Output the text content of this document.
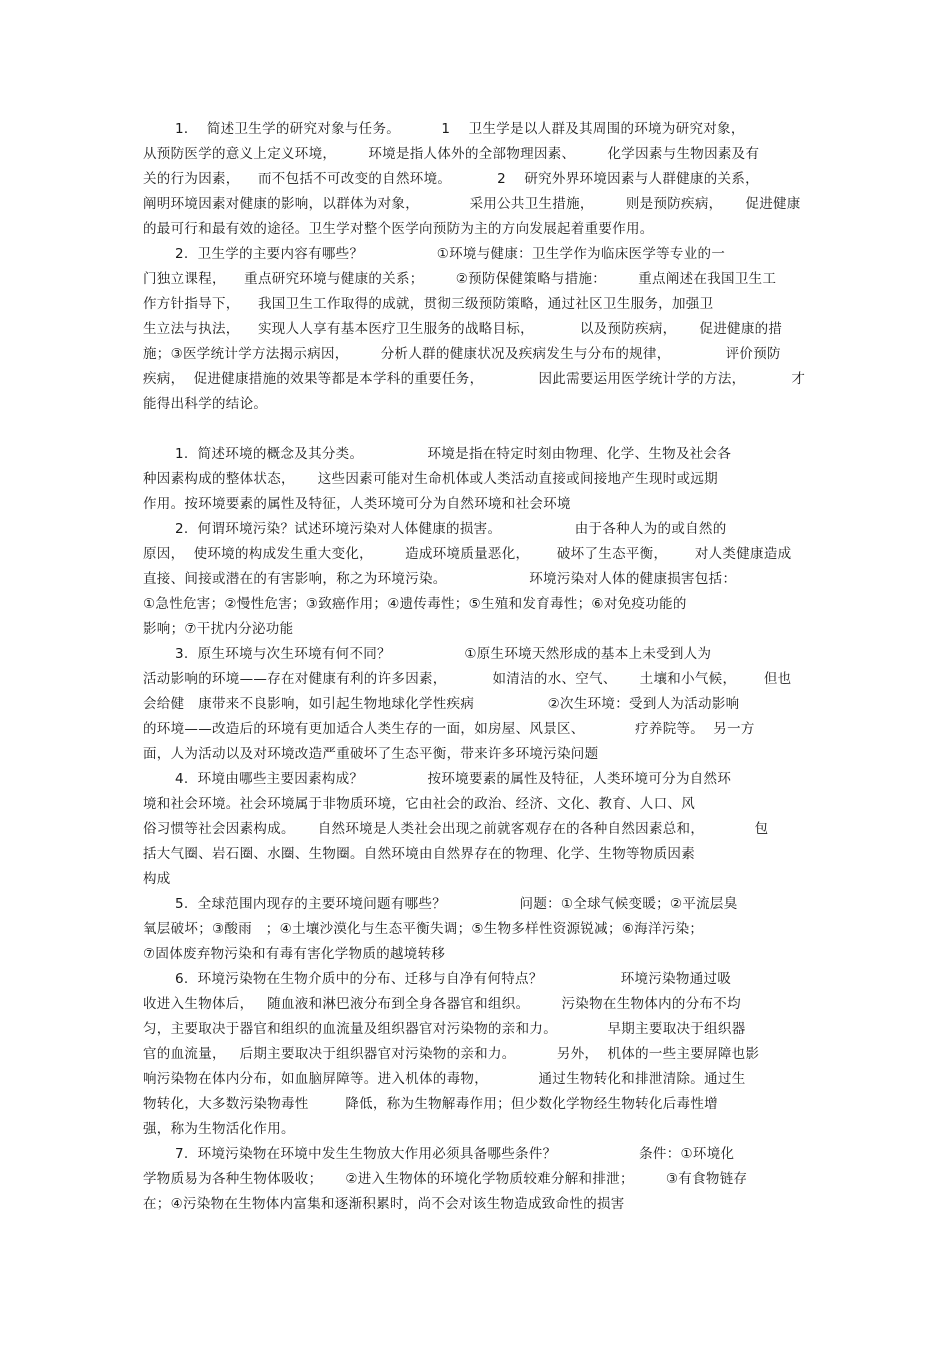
1．  简述卫生学的研究对象与任务。         1    卫生学是以人群及其周围的环境为研究对象，
从预防医学的意义上定义环境，       环境是指人体外的全部物理因素、       化学因素与生物因素及有
关的行为因素，    而不包括不可改变的自然环境。          2    研究外界环境因素与人群健康的关系，
阐明环境因素对健康的影响，以群体为对象，           采用公共卫生措施，       则是预防疾病，     促进健康
的最可行和最有效的途径。卫生学对整个医学向预防为主的方向发展起着重要作用。
2.  卫生学的主要内容有哪些？                ①环境与健康：卫生学作为临床医学等专业的一
门独立课程，    重点研究环境与健康的关系；       ②预防保健策略与措施：       重点阐述在我国卫生工
作方针指导下，    我国卫生工作取得的成就，贯彻三级预防策略，通过社区卫生服务，加强卫
生立法与执法，    实现人人享有基本医疗卫生服务的战略目标，          以及预防疾病，     促进健康的措
施；③医学统计学方法揭示病因，       分析人群的健康状况及疾病发生与分布的规律，            评价预防
疾病，  促进健康措施的效果等都是本学科的重要任务，            因此需要运用医学统计学的方法，          才
能得出科学的结论。
1.  简述环境的概念及其分类。              环境是指在特定时刻由物理、化学、生物及社会各
种因素构成的整体状态，     这些因素可能对生命机体或人类活动直接或间接地产生现时或远期
作用。按环境要素的属性及特征，人类环境可分为自然环境和社会环境
2.  何谓环境污染？试述环境污染对人体健康的损害。                由于各种人为的或自然的
原因，  使环境的构成发生重大变化，       造成环境质量恶化，      破坏了生态平衡，      对人类健康造成
直接、间接或潜在的有害影响，称之为环境污染。                  环境污染对人体的健康损害包括：
①急性危害；②慢性危害；③致癌作用；④遗传毒性；⑤生殖和发育毒性；⑥对免疫功能的
影响；⑦干扰内分泌功能
3.  原生环境与次生环境有何不同？                ①原生环境天然形成的基本上未受到人为
活动影响的环境——存在对健康有利的许多因素，          如清洁的水、空气、     土壤和小气候，      但也
会给健   康带来不良影响，如引起生物地球化学性疾病                ②次生环境：受到人为活动影响
的环境——改造后的环境有更加适合人类生存的一面，如房屋、风景区、           疗养院等。  另一方
面，人为活动以及对环境改造严重破坏了生态平衡，带来许多环境污染问题
4.  环境由哪些主要因素构成？              按环境要素的属性及特征，人类环境可分为自然环
境和社会环境。社会环境属于非物质环境，它由社会的政治、经济、文化、教育、人口、风
俗习惯等社会因素构成。     自然环境是人类社会出现之前就客观存在的各种自然因素总和，           包
括大气圈、岩石圈、水圈、生物圈。自然环境由自然界存在的物理、化学、生物等物质因素
构成
5.  全球范围内现存的主要环境问题有哪些？                问题：①全球气候变暖；②平流层臭
氧层破坏；③酸雨   ；④土壤沙漠化与生态平衡失调；⑤生物多样性资源锐减；⑥海洋污染；
⑦固体废弃物污染和有毒有害化学物质的越境转移
6.  环境污染物在生物介质中的分布、迁移与自净有何特点？                 环境污染物通过吸
收进入生物体后，   随血液和淋巴液分布到全身各器官和组织。       污染物在生物体内的分布不均
匀，主要取决于器官和组织的血流量及组织器官对污染物的亲和力。           早期主要取决于组织器
官的血流量，   后期主要取决于组织器官对污染物的亲和力。         另外，  机体的一些主要屏障也影
响污染物在体内分布，如血脑屏障等。进入机体的毒物，           通过生物转化和排泄清除。通过生
物转化，大多数污染物毒性        降低，称为生物解毒作用；但少数化学物经生物转化后毒性增
强，称为生物活化作用。
7.  环境污染物在环境中发生生物放大作用必须具备哪些条件？                  条件：①环境化
学物质易为各种生物体吸收；     ②进入生物体的环境化学物质较难分解和排泄；       ③有食物链存
在；④污染物在生物体内富集和逐渐积累时，尚不会对该生物造成致命性的损害
